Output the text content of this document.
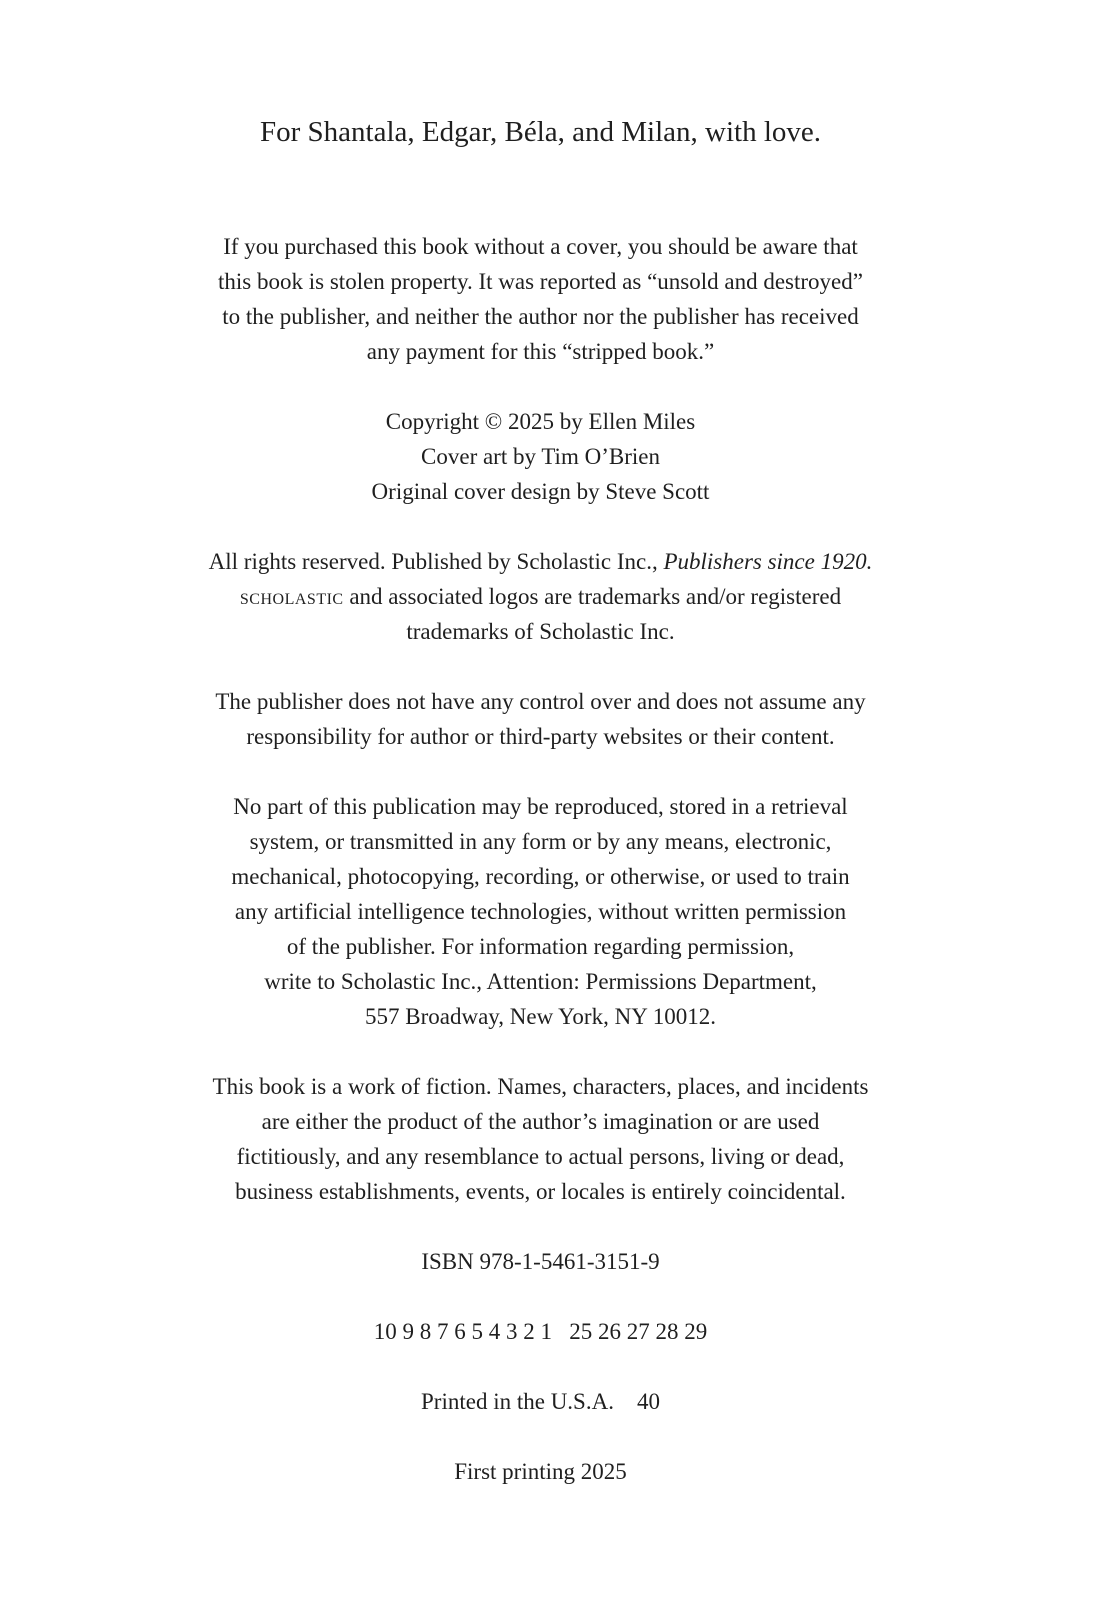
For Shantala, Edgar, Béla, and Milan, with love.
If you purchased this book without a cover, you should be aware that
this book is stolen property. It was reported as “unsold and destroyed”
to the publisher, and neither the author nor the publisher has received
any payment for this “stripped book.”
Copyright © 2025 by Ellen Miles
Cover art by Tim O’Brien
Original cover design by Steve Scott
All rights reserved. Published by Scholastic Inc., Publishers since 1920.
scholastic and associated logos are trademarks and/or registered
trademarks of Scholastic Inc.
The publisher does not have any control over and does not assume any
responsibility for author or third-party websites or their content.
No part of this publication may be reproduced, stored in a retrieval
system, or transmitted in any form or by any means, electronic,
mechanical, photocopying, recording, or otherwise, or used to train
any artificial intelligence technologies, without written permission
of the publisher. For information regarding permission,
write to Scholastic Inc., Attention: Permissions Department,
557 Broadway, New York, NY 10012.
This book is a work of fiction. Names, characters, places, and incidents
are either the product of the author’s imagination or are used
fictitiously, and any resemblance to actual persons, living or dead,
business establishments, events, or locales is entirely coincidental.
ISBN 978-1-5461-3151-9
10 9 8 7 6 5 4 3 2 1 25 26 27 28 29
Printed in the U.S.A. 40
First printing 2025
